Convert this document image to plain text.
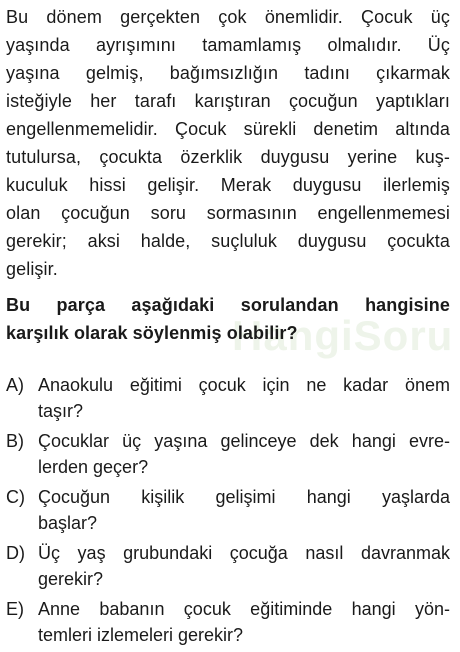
HangiSoru
Bu dönem gerçekten çok önemlidir. Çocuk üç
yaşında ayrışımını tamamlamış olmalıdır. Üç
yaşına gelmiş, bağımsızlığın tadını çıkarmak
isteğiyle her tarafı karıştıran çocuğun yaptıkları
engellenmemelidir. Çocuk sürekli denetim altında
tutulursa, çocukta özerklik duygusu yerine kuş-
kuculuk hissi gelişir. Merak duygusu ilerlemiş
olan çocuğun soru sormasının engellenmemesi
gerekir; aksi halde, suçluluk duygusu çocukta
gelişir.
Bu parça aşağıdaki sorulandan hangisine
karşılık olarak söylenmiş olabilir?
A) Anaokulu eğitimi çocuk için ne kadar önem
taşır?
B) Çocuklar üç yaşına gelinceye dek hangi evre-
lerden geçer?
C) Çocuğun kişilik gelişimi hangi yaşlarda
başlar?
D) Üç yaş grubundaki çocuğa nasıl davranmak
gerekir?
E) Anne babanın çocuk eğitiminde hangi yön-
temleri izlemeleri gerekir?
